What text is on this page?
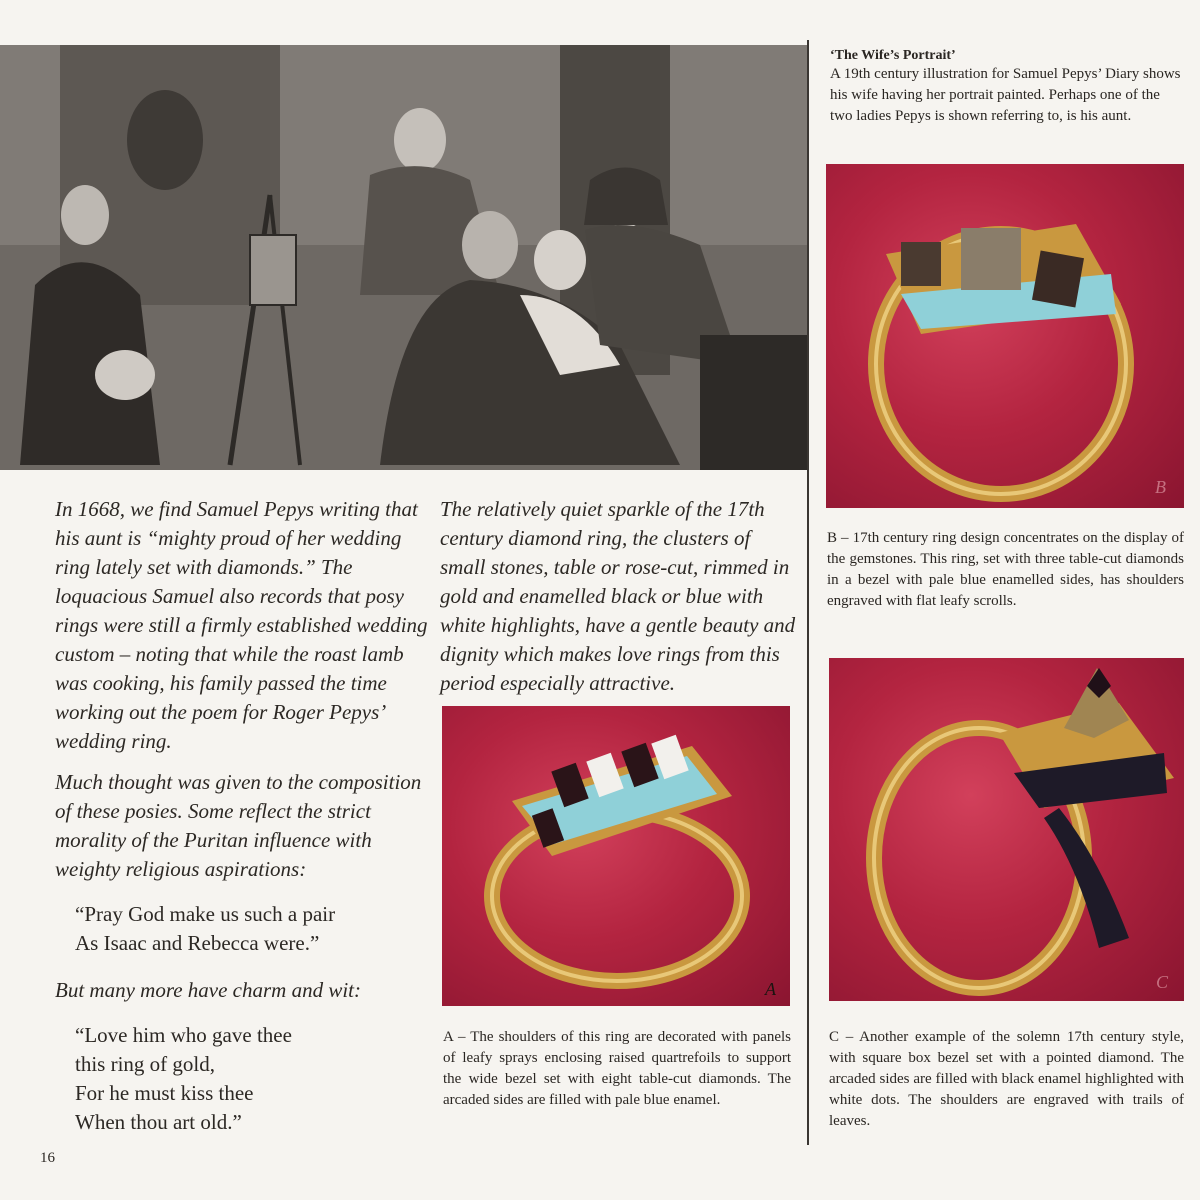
‘The Wife’s Portrait’
A 19th century illustration for Samuel Pepys’ Diary shows his wife having her portrait painted. Perhaps one of the two ladies Pepys is shown referring to, is his aunt.

In 1668, we find Samuel Pepys writing that his aunt is “mighty proud of her wedding ring lately set with diamonds.” The loquacious Samuel also records that posy rings were still a firmly established wedding custom – noting that while the roast lamb was cooking, his family passed the time working out the poem for Roger Pepys’ wedding ring.

Much thought was given to the composition of these posies. Some reflect the strict morality of the Puritan influence with weighty religious aspirations:

“Pray God make us such a pair
As Isaac and Rebecca were.”

But many more have charm and wit:

“Love him who gave thee
this ring of gold,
For he must kiss thee
When thou art old.”

The relatively quiet sparkle of the 17th century diamond ring, the clusters of small stones, table or rose-cut, rimmed in gold and enamelled black or blue with white highlights, have a gentle beauty and dignity which makes love rings from this period especially attractive.

A
B
C
A – The shoulders of this ring are decorated with panels of leafy sprays enclosing raised quartrefoils to support the wide bezel set with eight table-cut diamonds. The arcaded sides are filled with pale blue enamel.
B – 17th century ring design concentrates on the display of the gemstones. This ring, set with three table-cut diamonds in a bezel with pale blue enamelled sides, has shoulders engraved with flat leafy scrolls.
C – Another example of the solemn 17th century style, with square box bezel set with a pointed diamond. The arcaded sides are filled with black enamel highlighted with white dots. The shoulders are engraved with trails of leaves.
16
